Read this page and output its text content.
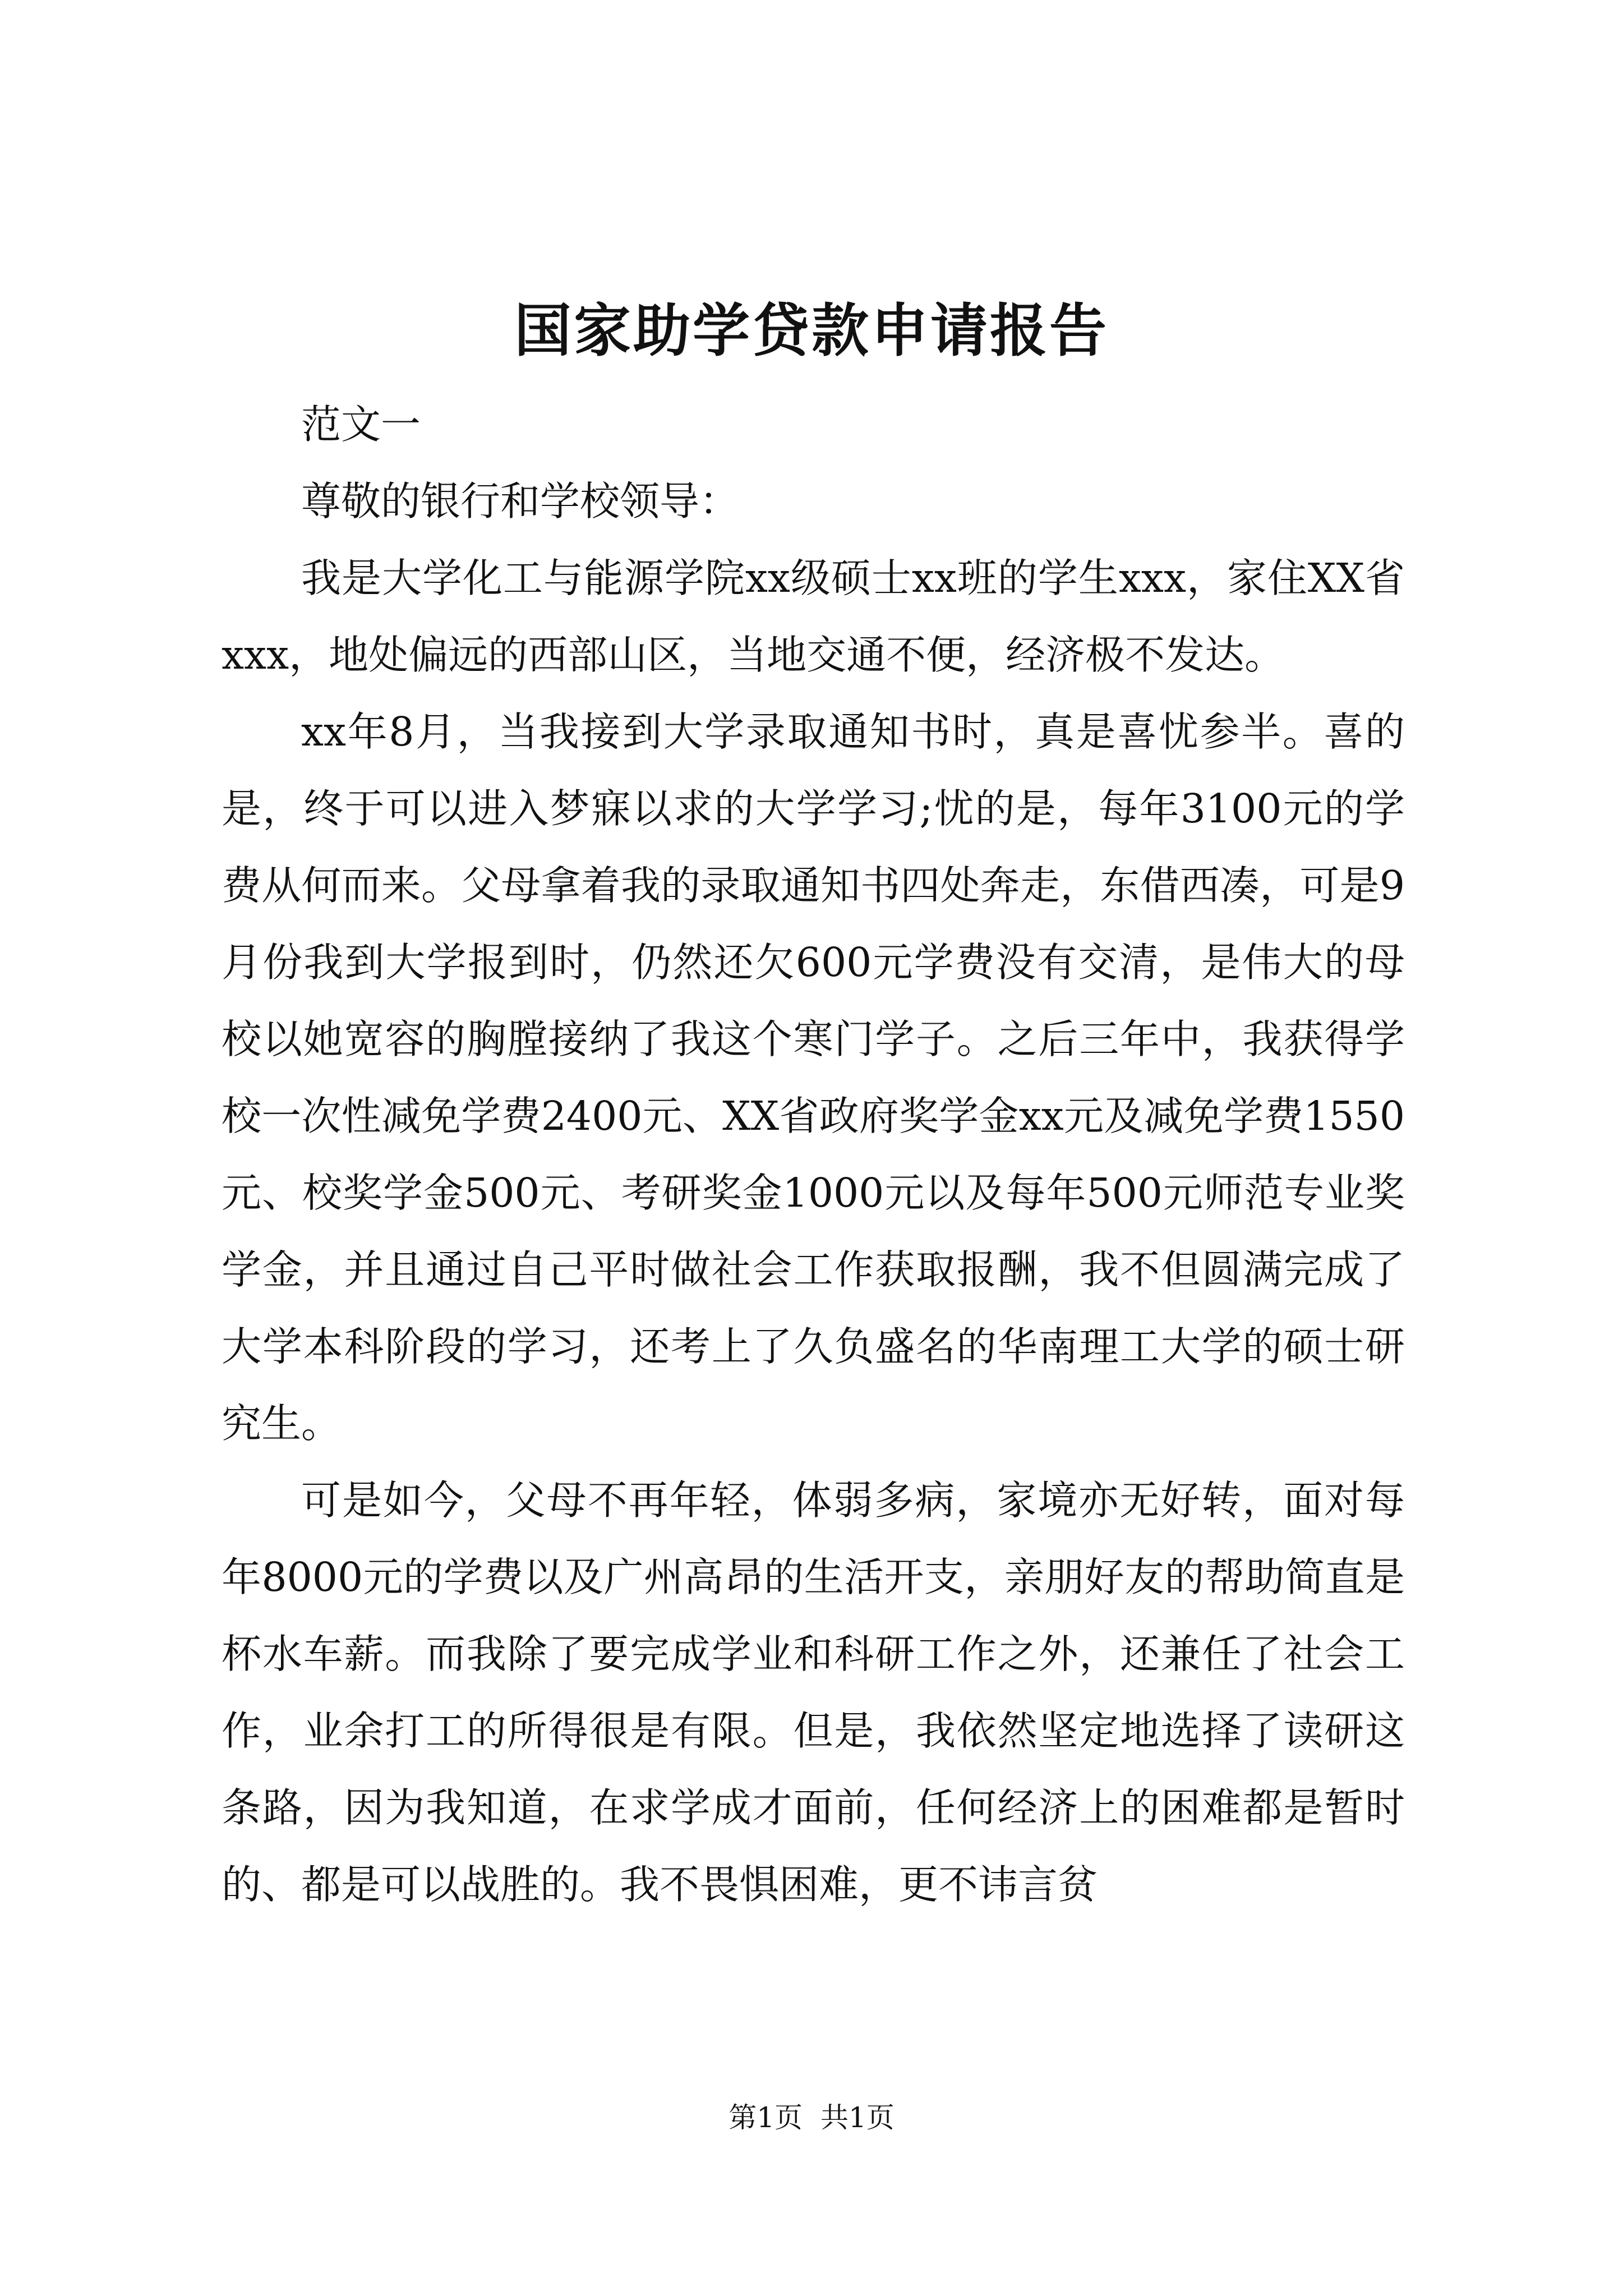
国家助学贷款申请报告

范文一

尊敬的银行和学校领导：

我是大学化工与能源学院xx级硕士xx班的学生xxx，家住XX省xxx，地处偏远的西部山区，当地交通不便，经济极不发达。

xx年8月，当我接到大学录取通知书时，真是喜忧参半。喜的是，终于可以进入梦寐以求的大学学习;忧的是，每年3100元的学费从何而来。父母拿着我的录取通知书四处奔走，东借西凑，可是9月份我到大学报到时，仍然还欠600元学费没有交清，是伟大的母校以她宽容的胸膛接纳了我这个寒门学子。之后三年中，我获得学校一次性减免学费2400元、XX省政府奖学金xx元及减免学费1550元、校奖学金500元、考研奖金1000元以及每年500元师范专业奖学金，并且通过自己平时做社会工作获取报酬，我不但圆满完成了大学本科阶段的学习，还考上了久负盛名的华南理工大学的硕士研究生。

可是如今，父母不再年轻，体弱多病，家境亦无好转，面对每年8000元的学费以及广州高昂的生活开支，亲朋好友的帮助简直是杯水车薪。而我除了要完成学业和科研工作之外，还兼任了社会工作，业余打工的所得很是有限。但是，我依然坚定地选择了读研这条路，因为我知道，在求学成才面前，任何经济上的困难都是暂时的、都是可以战胜的。我不畏惧困难，更不讳言贫

第1页 共1页
